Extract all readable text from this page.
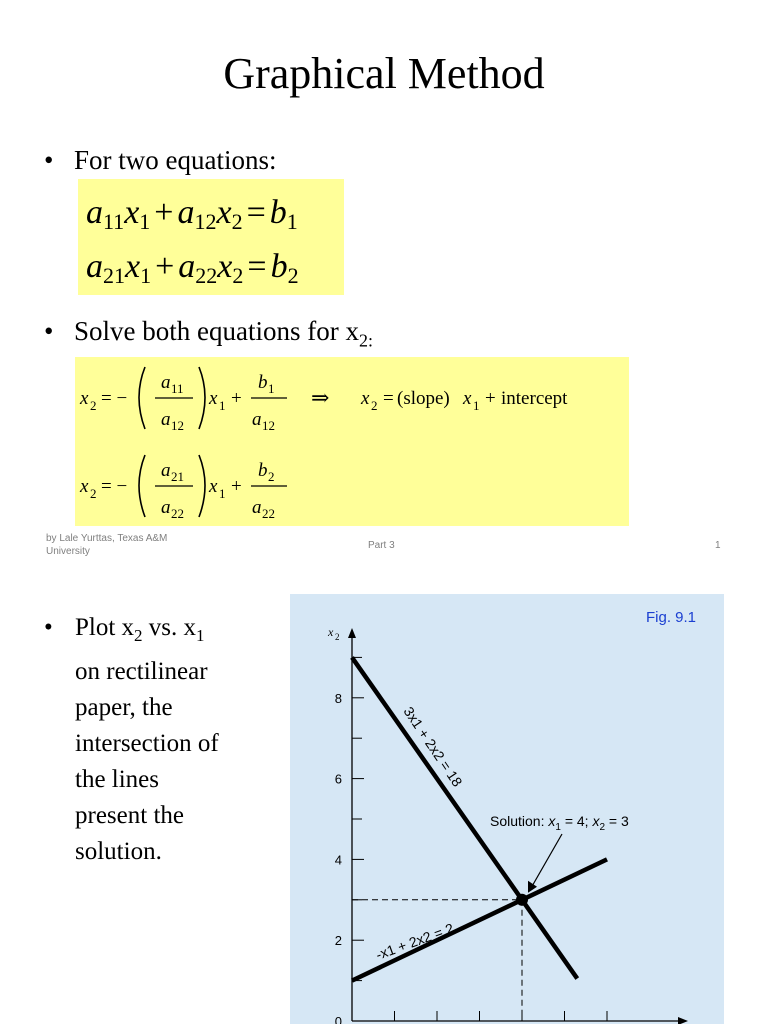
Graphical Method
• For two equations:
$a_{11}x_1 + a_{12}x_2 = b_1$
$a_{21}x_1 + a_{22}x_2 = b_2$
• Solve both equations for $x_{2:}$
x 2 = −
a 11
a 12
x 1 +
b 1
a 12
⇒ x 2 = (slope) x 1 + intercept
x 2 = −
a 21
a 22
x 1 +
b 2
a 22
by Lale Yurttas, Texas A&M University
Part 3	1
• Plot $x_2$ vs. $x_1$
on rectilinear
paper, the
intersection of
the lines
present the
solution.
Fig. 9.1
x 2
0
2
4
6
8
Solution: $x_1 = 4$; $x_2 = 3$
3x1 + 2x2 = 18
-x1 + 2x2 = 2
